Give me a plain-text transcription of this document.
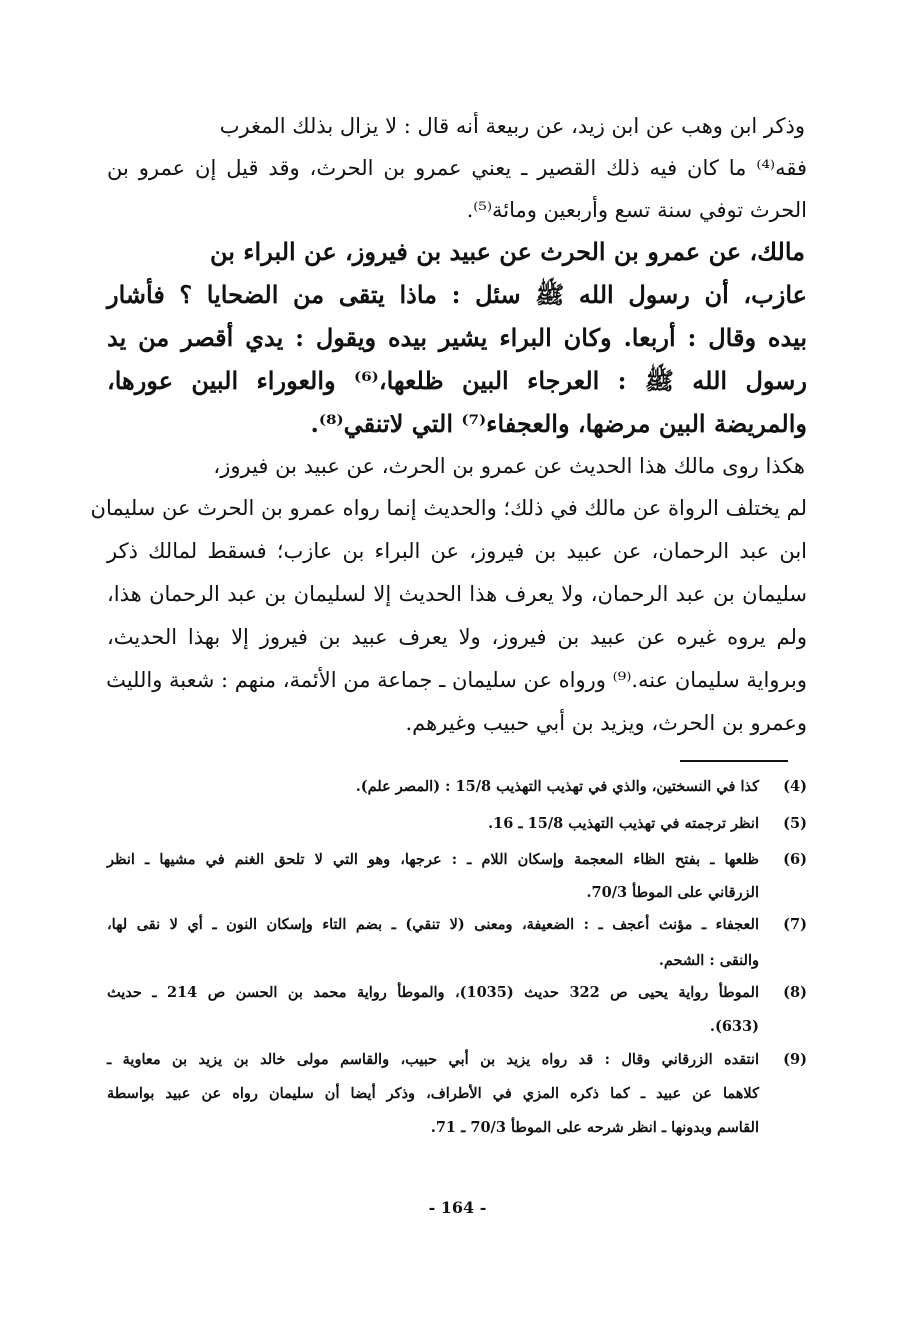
وذكر ابن وهب عن ابن زيد، عن ربيعة أنه قال : لا يزال بذلك المغرب
فقه⁽⁴⁾ ما كان فيه ذلك القصير ـ يعني عمرو بن الحرث، وقد قيل إن عمرو بن
الحرث توفي سنة تسع وأربعين ومائة⁽⁵⁾.
مالك، عن عمرو بن الحرث عن عبيد بن فيروز، عن البراء بن
عازب، أن رسول الله ﷺ سئل : ماذا يتقى من الضحايا ؟ فأشار
بيده وقال : أربعا. وكان البراء يشير بيده ويقول : يدي أقصر من يد
رسول الله ﷺ : العرجاء البين ظلعها،⁽⁶⁾ والعوراء البين عورها،
والمريضة البين مرضها، والعجفاء⁽⁷⁾ التي لاتنقي⁽⁸⁾.
هكذا روى مالك هذا الحديث عن عمرو بن الحرث، عن عبيد بن فيروز،
لم يختلف الرواة عن مالك في ذلك؛ والحديث إنما رواه عمرو بن الحرث عن سليمان
ابن عبد الرحمان، عن عبيد بن فيروز، عن البراء بن عازب؛ فسقط لمالك ذكر
سليمان بن عبد الرحمان، ولا يعرف هذا الحديث إلا لسليمان بن عبد الرحمان هذا،
ولم يروه غيره عن عبيد بن فيروز، ولا يعرف عبيد بن فيروز إلا بهذا الحديث،
وبرواية سليمان عنه.⁽⁹⁾ ورواه عن سليمان ـ جماعة من الأئمة، منهم : شعبة والليث
وعمرو بن الحرث، ويزيد بن أبي حبيب وغيرهم.
(4)
كذا في النسختين، والذي في تهذيب التهذيب 15/8 : (المصر علم).
(5)
انظر ترجمته في تهذيب التهذيب 15/8 ـ 16.
(6)
ظلعها ـ بفتح الظاء المعجمة وإسكان اللام ـ : عرجها، وهو التي لا تلحق الغنم في مشيها ـ انظر
الزرقاني على الموطأ 70/3.
(7)
العجفاء ـ مؤنث أعجف ـ : الضعيفة، ومعنى (لا تنقي) ـ بضم التاء وإسكان النون ـ أي لا نقى لها،
والنقى : الشحم.
(8)
الموطأ رواية يحيى ص 322 حديث (1035)، والموطأ رواية محمد بن الحسن ص 214 ـ حديث
(633).
(9)
انتقده الزرقاني وقال : قد رواه يزيد بن أبي حبيب، والقاسم مولى خالد بن يزيد بن معاوية ـ
كلاهما عن عبيد ـ كما ذكره المزي في الأطراف، وذكر أيضا أن سليمان رواه عن عبيد بواسطة
القاسم وبدونها ـ انظر شرحه على الموطأ 70/3 ـ 71.
- 164 -
